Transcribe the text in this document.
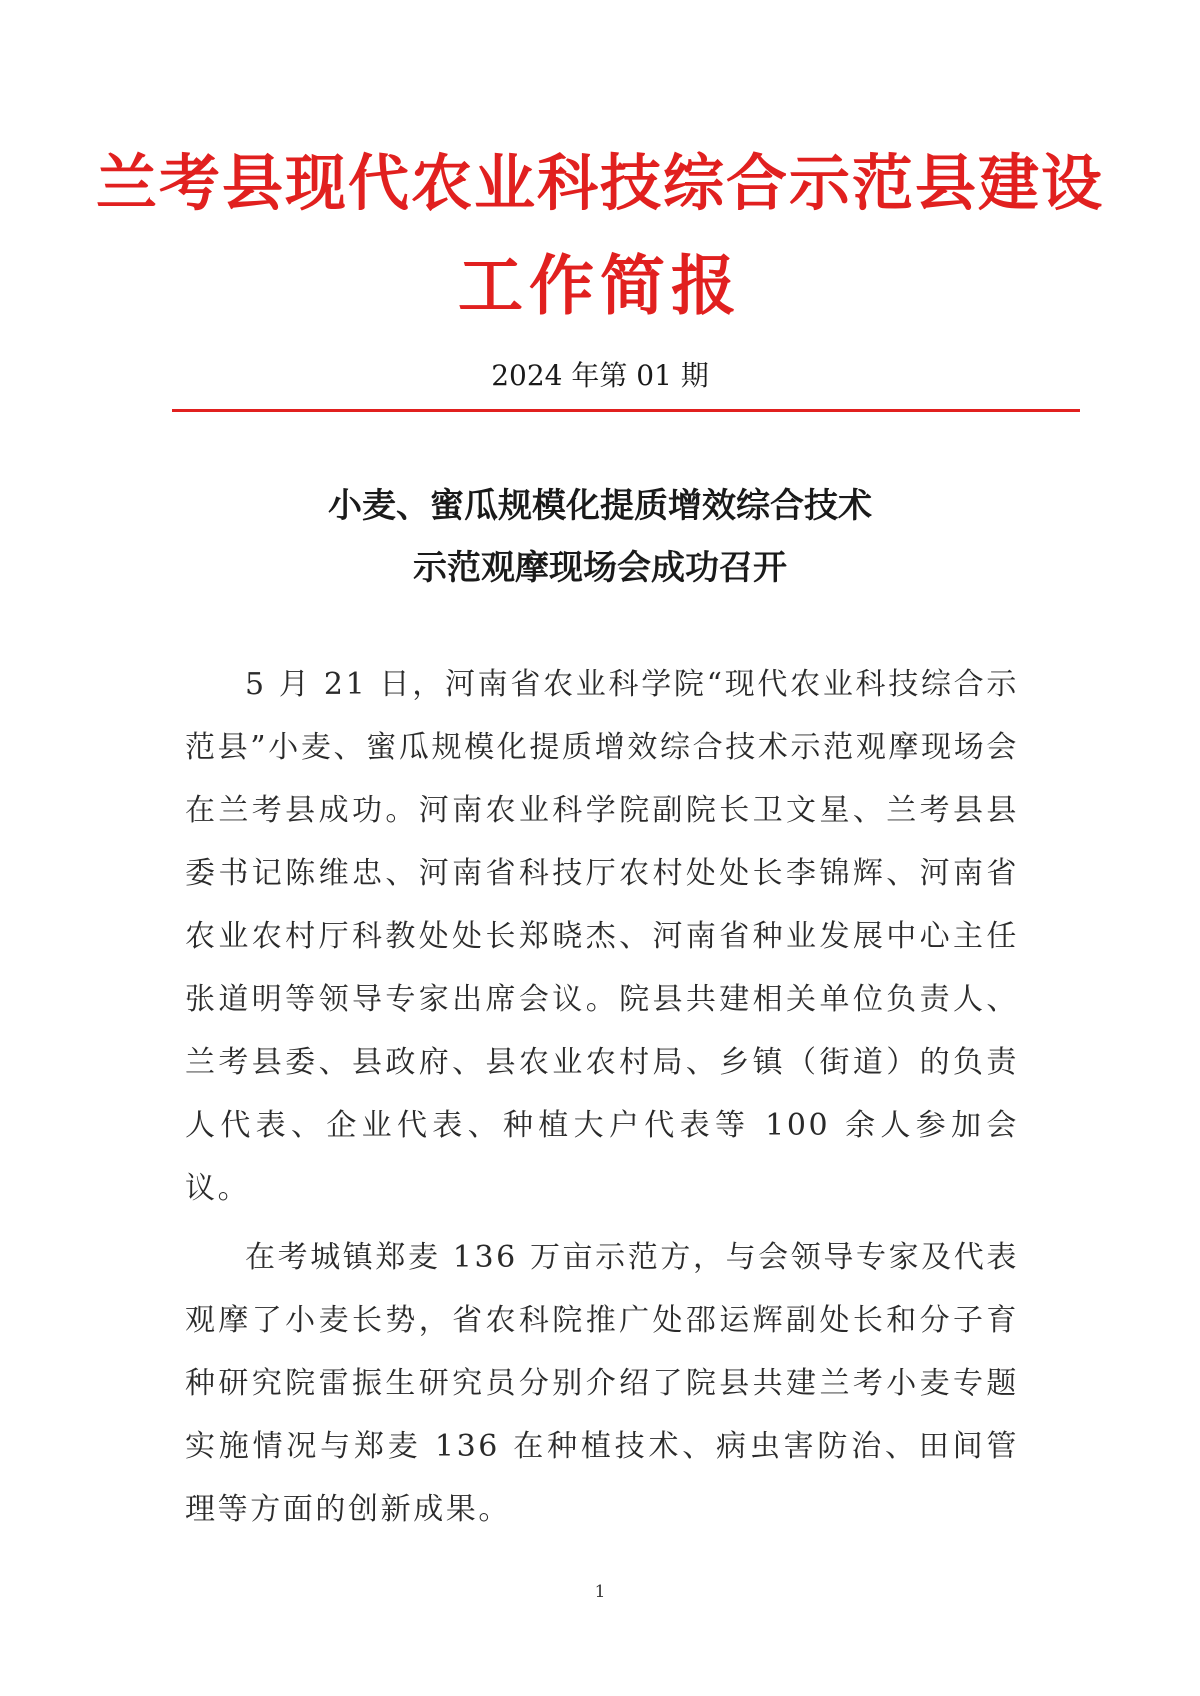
兰考县现代农业科技综合示范县建设
工作简报
2024 年第 01 期
小麦、蜜瓜规模化提质增效综合技术
示范观摩现场会成功召开

5 月 21 日，河南省农业科学院“现代农业科技综合示范县”小麦、蜜瓜规模化提质增效综合技术示范观摩现场会在兰考县成功。河南农业科学院副院长卫文星、兰考县县委书记陈维忠、河南省科技厅农村处处长李锦辉、河南省农业农村厅科教处处长郑晓杰、河南省种业发展中心主任张道明等领导专家出席会议。院县共建相关单位负责人、兰考县委、县政府、县农业农村局、乡镇（街道）的负责人代表、企业代表、种植大户代表等 100 余人参加会议。

在考城镇郑麦 136 万亩示范方，与会领导专家及代表观摩了小麦长势，省农科院推广处邵运辉副处长和分子育种研究院雷振生研究员分别介绍了院县共建兰考小麦专题实施情况与郑麦 136 在种植技术、病虫害防治、田间管理等方面的创新成果。

1
